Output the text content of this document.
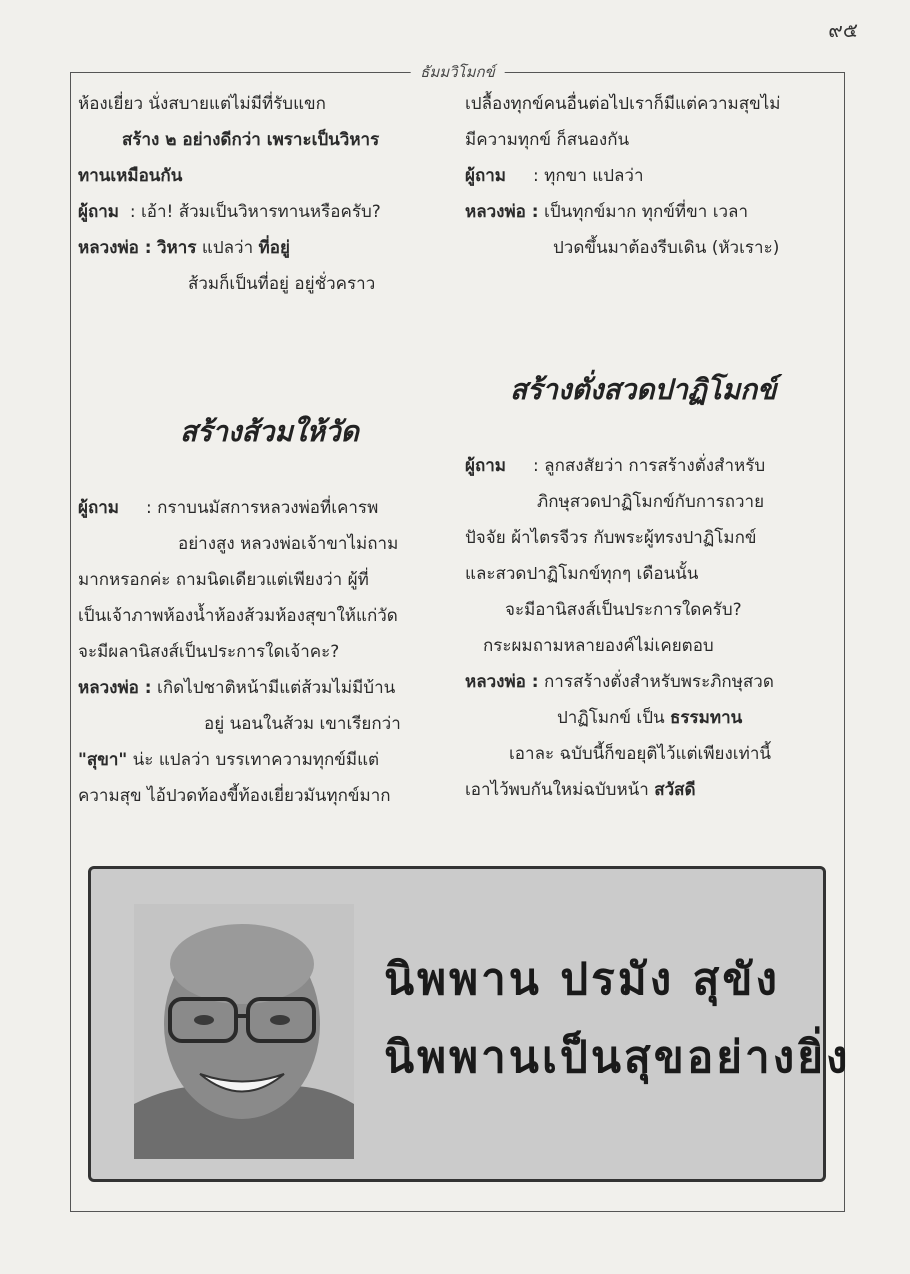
๙๕
ธัมมวิโมกข์
ห้องเยี่ยว นั่งสบายแต่ไม่มีที่รับแขก
สร้าง ๒ อย่างดีกว่า เพราะเป็นวิหาร
ทานเหมือนกัน
ผู้ถาม : เอ้า! ส้วมเป็นวิหารทานหรือครับ?
หลวงพ่อ : วิหาร แปลว่า ที่อยู่
ส้วมก็เป็นที่อยู่ อยู่ชั่วคราว
สร้างส้วมให้วัด
ผู้ถาม : กราบนมัสการหลวงพ่อที่เคารพ
อย่างสูง หลวงพ่อเจ้าขาไม่ถาม
มากหรอกค่ะ ถามนิดเดียวแต่เพียงว่า ผู้ที่
เป็นเจ้าภาพห้องน้ำห้องส้วมห้องสุขาให้แก่วัด
จะมีผลานิสงส์เป็นประการใดเจ้าคะ?
หลวงพ่อ : เกิดไปชาติหน้ามีแต่ส้วมไม่มีบ้าน
อยู่ นอนในส้วม เขาเรียกว่า
"สุขา" น่ะ แปลว่า บรรเทาความทุกข์มีแต่
ความสุข ไอ้ปวดท้องขี้ท้องเยี่ยวมันทุกข์มาก
เปลื้องทุกข์คนอื่นต่อไปเราก็มีแต่ความสุขไม่
มีความทุกข์ ก็สนองกัน
ผู้ถาม : ทุกขา แปลว่า
หลวงพ่อ : เป็นทุกข์มาก ทุกข์ที่ขา เวลา
ปวดขึ้นมาต้องรีบเดิน (หัวเราะ)
สร้างตั่งสวดปาฏิโมกข์
ผู้ถาม : ลูกสงสัยว่า การสร้างตั่งสำหรับ
ภิกษุสวดปาฏิโมกข์กับการถวาย
ปัจจัย ผ้าไตรจีวร กับพระผู้ทรงปาฏิโมกข์
และสวดปาฏิโมกข์ทุกๆ เดือนนั้น
จะมีอานิสงส์เป็นประการใดครับ?
กระผมถามหลายองค์ไม่เคยตอบ
หลวงพ่อ : การสร้างตั่งสำหรับพระภิกษุสวด
ปาฏิโมกข์ เป็น ธรรมทาน
เอาละ ฉบับนี้ก็ขอยุติไว้แต่เพียงเท่านี้
เอาไว้พบกันใหม่ฉบับหน้า สวัสดี
นิพพาน ปรมัง สุขัง
นิพพานเป็นสุขอย่างยิ่ง
